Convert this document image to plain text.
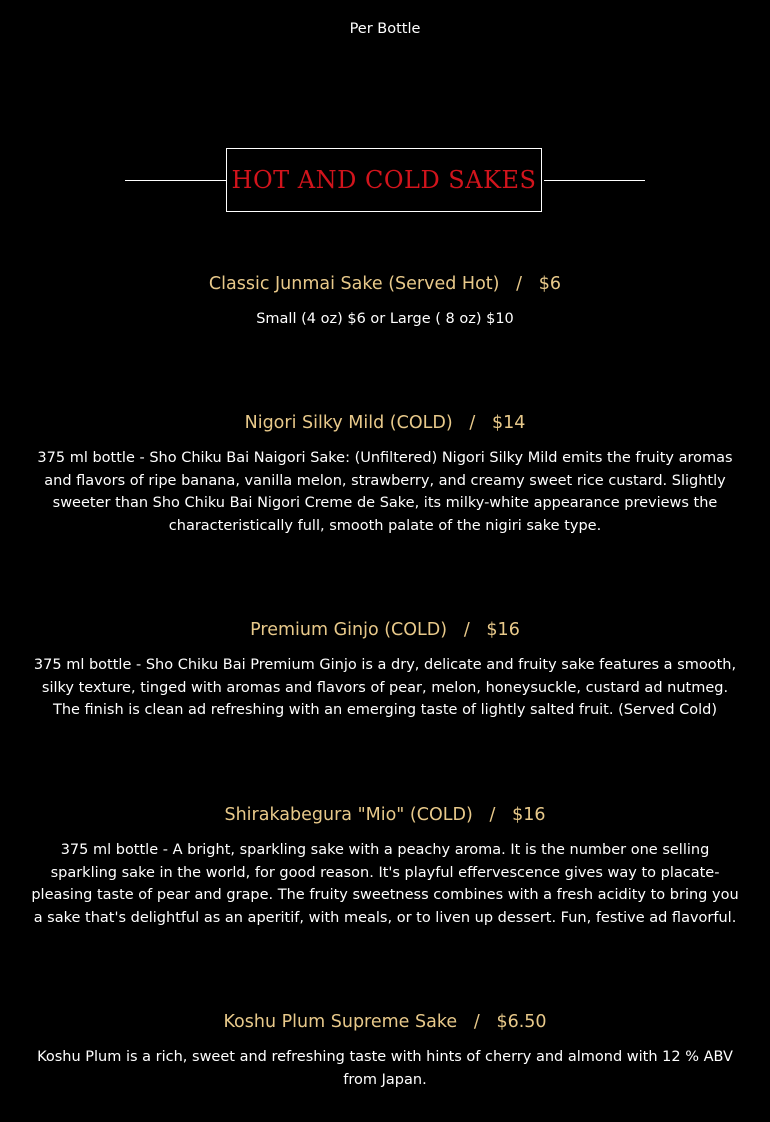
Per Bottle
HOT AND COLD SAKES
Classic Junmai Sake (Served Hot) / $6
Small (4 oz) $6 or Large ( 8 oz) $10
Nigori Silky Mild (COLD) / $14
375 ml bottle - Sho Chiku Bai Naigori Sake: (Unfiltered) Nigori Silky Mild emits the fruity aromas and flavors of ripe banana, vanilla melon, strawberry, and creamy sweet rice custard. Slightly sweeter than Sho Chiku Bai Nigori Creme de Sake, its milky-white appearance previews the characteristically full, smooth palate of the nigiri sake type.
Premium Ginjo (COLD) / $16
375 ml bottle - Sho Chiku Bai Premium Ginjo is a dry, delicate and fruity sake features a smooth, silky texture, tinged with aromas and flavors of pear, melon, honeysuckle, custard ad nutmeg. The finish is clean ad refreshing with an emerging taste of lightly salted fruit. (Served Cold)
Shirakabegura "Mio" (COLD) / $16
375 ml bottle - A bright, sparkling sake with a peachy aroma. It is the number one selling sparkling sake in the world, for good reason. It's playful effervescence gives way to placate-pleasing taste of pear and grape. The fruity sweetness combines with a fresh acidity to bring you a sake that's delightful as an aperitif, with meals, or to liven up dessert. Fun, festive ad flavorful.
Koshu Plum Supreme Sake / $6.50
Koshu Plum is a rich, sweet and refreshing taste with hints of cherry and almond with 12 % ABV from Japan.
